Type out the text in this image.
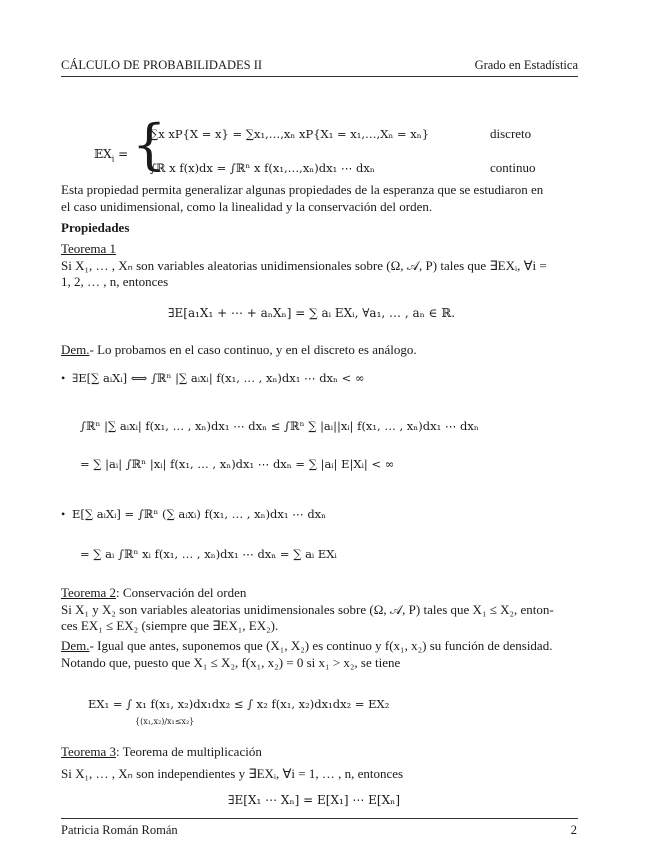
CÁLCULO DE PROBABILIDADES II	Grado en Estadística
𝔼X$_i$ = {
∑x xP{X = x} = ∑x₁,…,xₙ xP{X₁ = x₁,…,Xₙ = xₙ}	discreto
∫ℝ x f(x)dx = ∫ℝⁿ x f(x₁,…,xₙ)dx₁ ⋯ dxₙ	continuo
Esta propiedad permita generalizar algunas propiedades de la esperanza que se estudiaron en
el caso unidimensional, como la linealidad y la conservación del orden.
Propiedades
Teorema 1
Si X₁, … , Xₙ son variables aleatorias unidimensionales sobre (Ω, 𝒜, P) tales que ∃EXᵢ, ∀i =
1, 2, … , n, entonces
∃E[a₁X₁ + ⋯ + aₙXₙ] = ∑ aᵢ EXᵢ, ∀a₁, … , aₙ ∈ ℝ.
Dem.- Lo probamos en el caso continuo, y en el discreto es análogo.
• ∃E[∑ aᵢXᵢ] ⟺ ∫ℝⁿ |∑ aᵢxᵢ| f(x₁, … , xₙ)dx₁ ⋯ dxₙ < ∞
∫ℝⁿ |∑ aᵢxᵢ| f(x₁, … , xₙ)dx₁ ⋯ dxₙ ≤ ∫ℝⁿ ∑ |aᵢ||xᵢ| f(x₁, … , xₙ)dx₁ ⋯ dxₙ
= ∑ |aᵢ| ∫ℝⁿ |xᵢ| f(x₁, … , xₙ)dx₁ ⋯ dxₙ = ∑ |aᵢ| E|Xᵢ| < ∞
• E[∑ aᵢXᵢ] = ∫ℝⁿ (∑ aᵢxᵢ) f(x₁, … , xₙ)dx₁ ⋯ dxₙ
= ∑ aᵢ ∫ℝⁿ xᵢ f(x₁, … , xₙ)dx₁ ⋯ dxₙ = ∑ aᵢ EXᵢ
Teorema 2: Conservación del orden
Si X₁ y X₂ son variables aleatorias unidimensionales sobre (Ω, 𝒜, P) tales que X₁ ≤ X₂, enton-
ces EX₁ ≤ EX₂ (siempre que ∃EX₁, EX₂).
Dem.- Igual que antes, suponemos que (X₁, X₂) es continuo y f(x₁, x₂) su función de densidad.
Notando que, puesto que X₁ ≤ X₂, f(x₁, x₂) = 0 si x₁ > x₂, se tiene
EX₁ = ∫ x₁ f(x₁, x₂)dx₁dx₂ ≤ ∫ x₂ f(x₁, x₂)dx₁dx₂ = EX₂
{(x₁,x₂)/x₁≤x₂}
Teorema 3: Teorema de multiplicación
Si X₁, … , Xₙ son independientes y ∃EXᵢ, ∀i = 1, … , n, entonces
∃E[X₁ ⋯ Xₙ] = E[X₁] ⋯ E[Xₙ]
Patricia Román Román	2
